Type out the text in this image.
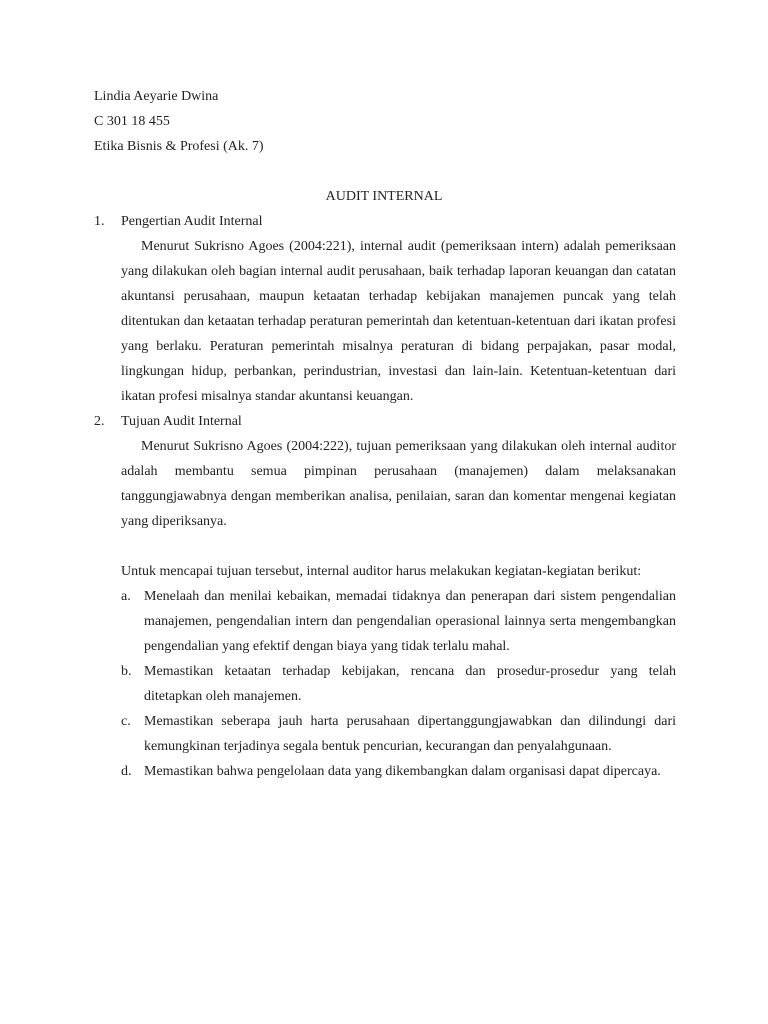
Lindia Aeyarie Dwina
C 301 18 455
Etika Bisnis & Profesi (Ak. 7)
AUDIT INTERNAL
1.	Pengertian Audit Internal
Menurut Sukrisno Agoes (2004:221), internal audit (pemeriksaan intern) adalah pemeriksaan yang dilakukan oleh bagian internal audit perusahaan, baik terhadap laporan keuangan dan catatan akuntansi perusahaan, maupun ketaatan terhadap kebijakan manajemen puncak yang telah ditentukan dan ketaatan terhadap peraturan pemerintah dan ketentuan-ketentuan dari ikatan profesi yang berlaku. Peraturan pemerintah misalnya peraturan di bidang perpajakan, pasar modal, lingkungan hidup, perbankan, perindustrian, investasi dan lain-lain. Ketentuan-ketentuan dari ikatan profesi misalnya standar akuntansi keuangan.
2.	Tujuan Audit Internal
Menurut Sukrisno Agoes (2004:222), tujuan pemeriksaan yang dilakukan oleh internal auditor adalah membantu semua pimpinan perusahaan (manajemen) dalam melaksanakan tanggungjawabnya dengan memberikan analisa, penilaian, saran dan komentar mengenai kegiatan yang diperiksanya.
Untuk mencapai tujuan tersebut, internal auditor harus melakukan kegiatan-kegiatan berikut:
a. Menelaah dan menilai kebaikan, memadai tidaknya dan penerapan dari sistem pengendalian manajemen, pengendalian intern dan pengendalian operasional lainnya serta mengembangkan pengendalian yang efektif dengan biaya yang tidak terlalu mahal.
b. Memastikan ketaatan terhadap kebijakan, rencana dan prosedur-prosedur yang telah ditetapkan oleh manajemen.
c. Memastikan seberapa jauh harta perusahaan dipertanggungjawabkan dan dilindungi dari kemungkinan terjadinya segala bentuk pencurian, kecurangan dan penyalahgunaan.
d. Memastikan bahwa pengelolaan data yang dikembangkan dalam organisasi dapat dipercaya.
